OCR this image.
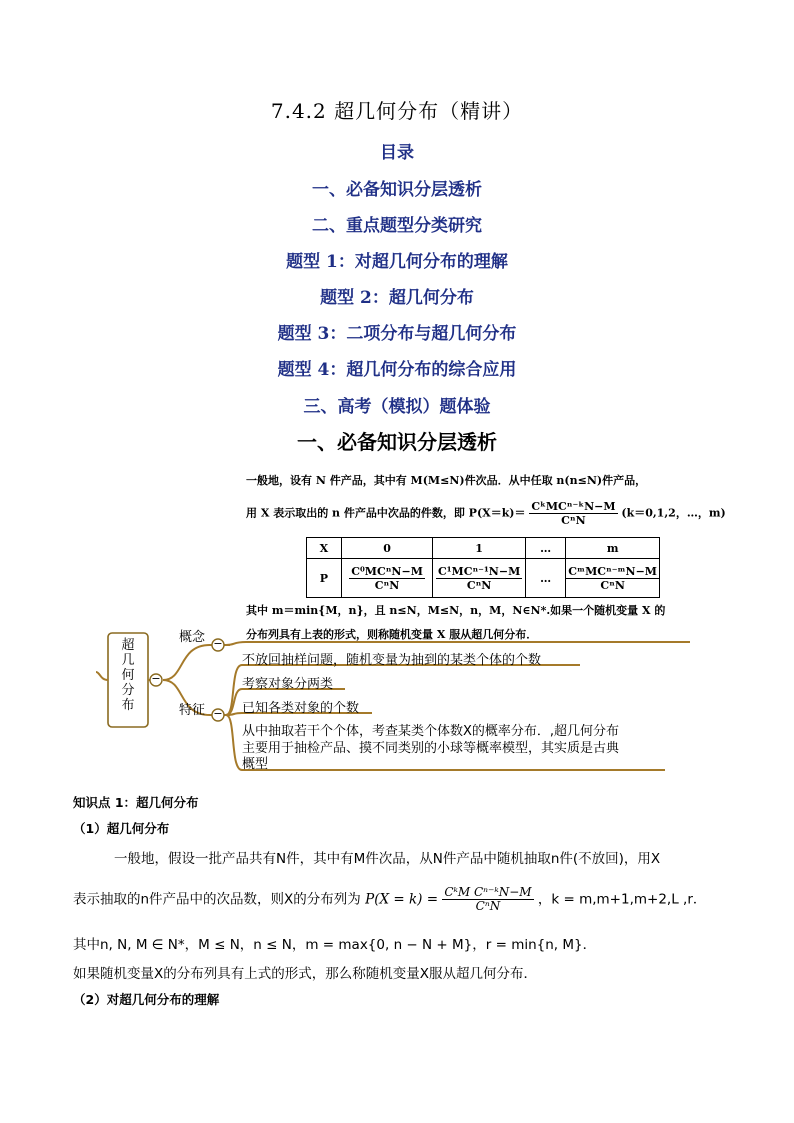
7.4.2 超几何分布（精讲）
目录
一、必备知识分层透析
二、重点题型分类研究
题型 1：对超几何分布的理解
题型 2：超几何分布
题型 3：二项分布与超几何分布
题型 4：超几何分布的综合应用
三、高考（模拟）题体验
一、必备知识分层透析
一般地，设有 N 件产品，其中有 M(M≤N)件次品．从中任取 n(n≤N)件产品，
用 X 表示取出的 n 件产品中次品的件数，即 $P(X=k)= \frac{\text{CᵏMCⁿ⁻ᵏN−M}}{\text{CⁿN}} (k=0,1,2$，…，m)
X	0	1	…	m
P	$\frac{\text{C⁰MCⁿN−M}}{\text{CⁿN}}$	$\frac{\text{C¹MCⁿ⁻¹N−M}}{\text{CⁿN}}$	…	$\frac{\text{CᵐMCⁿ⁻ᵐN−M}}{\text{CⁿN}}$
其中 m＝min{M，n}，且 n≤N，M≤N，n，M，N∈N*.如果一个随机变量 X 的
分布列具有上表的形式，则称随机变量 X 服从超几何分布．
超
几
何
分
布
−
−
−
概念
特征
不放回抽样问题，随机变量为抽到的某类个体的个数
考察对象分两类
已知各类对象的个数
从中抽取若干个个体，考查某类个体数X的概率分布．,超几何分布
主要用于抽检产品、摸不同类别的小球等概率模型，其实质是古典
概型
知识点 1：超几何分布
（1）超几何分布
一般地，假设一批产品共有N件，其中有M件次品，从N件产品中随机抽取n件(不放回)，用X
表示抽取的n件产品中的次品数，则X的分布列为 $P(X = k) = \frac{\text{CᵏM Cⁿ⁻ᵏN−M}}{\text{CⁿN}}$ ，k = m,m+1,m+2,L ,r．
其中n, N, M ∈ N*，M ≤ N，n ≤ N，m = max{0, n − N + M}，r = min{n, M}．
如果随机变量X的分布列具有上式的形式，那么称随机变量X服从超几何分布．
（2）对超几何分布的理解
